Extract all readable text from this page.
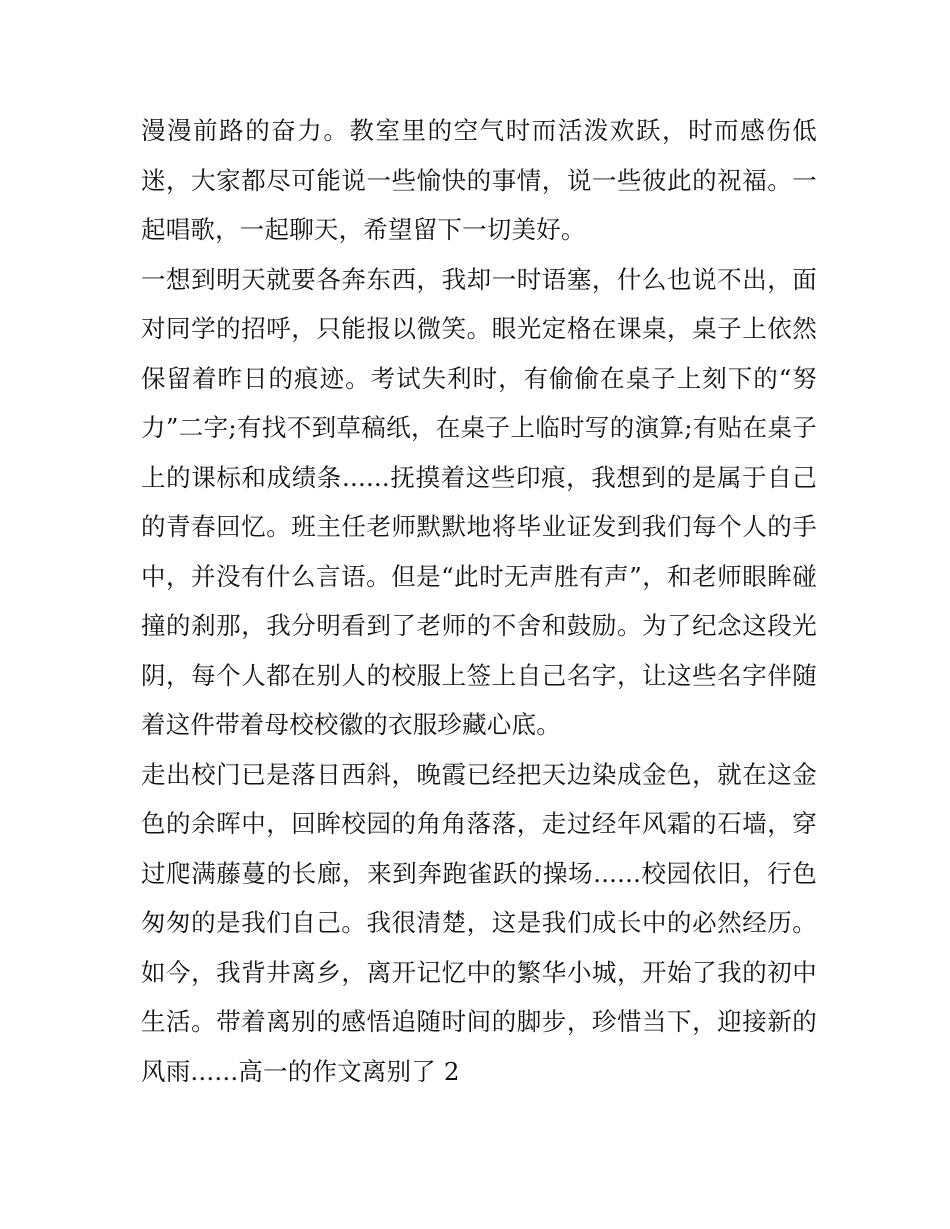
漫漫前路的奋力。教室里的空气时而活泼欢跃，时而感伤低
迷，大家都尽可能说一些愉快的事情，说一些彼此的祝福。一
起唱歌，一起聊天，希望留下一切美好。
一想到明天就要各奔东西，我却一时语塞，什么也说不出，面
对同学的招呼，只能报以微笑。眼光定格在课桌，桌子上依然
保留着昨日的痕迹。考试失利时，有偷偷在桌子上刻下的“努
力”二字;有找不到草稿纸，在桌子上临时写的演算;有贴在桌子
上的课标和成绩条......抚摸着这些印痕，我想到的是属于自己
的青春回忆。班主任老师默默地将毕业证发到我们每个人的手
中，并没有什么言语。但是“此时无声胜有声”，和老师眼眸碰
撞的刹那，我分明看到了老师的不舍和鼓励。为了纪念这段光
阴，每个人都在别人的校服上签上自己名字，让这些名字伴随
着这件带着母校校徽的衣服珍藏心底。
走出校门已是落日西斜，晚霞已经把天边染成金色，就在这金
色的余晖中，回眸校园的角角落落，走过经年风霜的石墙，穿
过爬满藤蔓的长廊，来到奔跑雀跃的操场......校园依旧，行色
匆匆的是我们自己。我很清楚，这是我们成长中的必然经历。
如今，我背井离乡，离开记忆中的繁华小城，开始了我的初中
生活。带着离别的感悟追随时间的脚步，珍惜当下，迎接新的
风雨......高一的作文离别了 2
